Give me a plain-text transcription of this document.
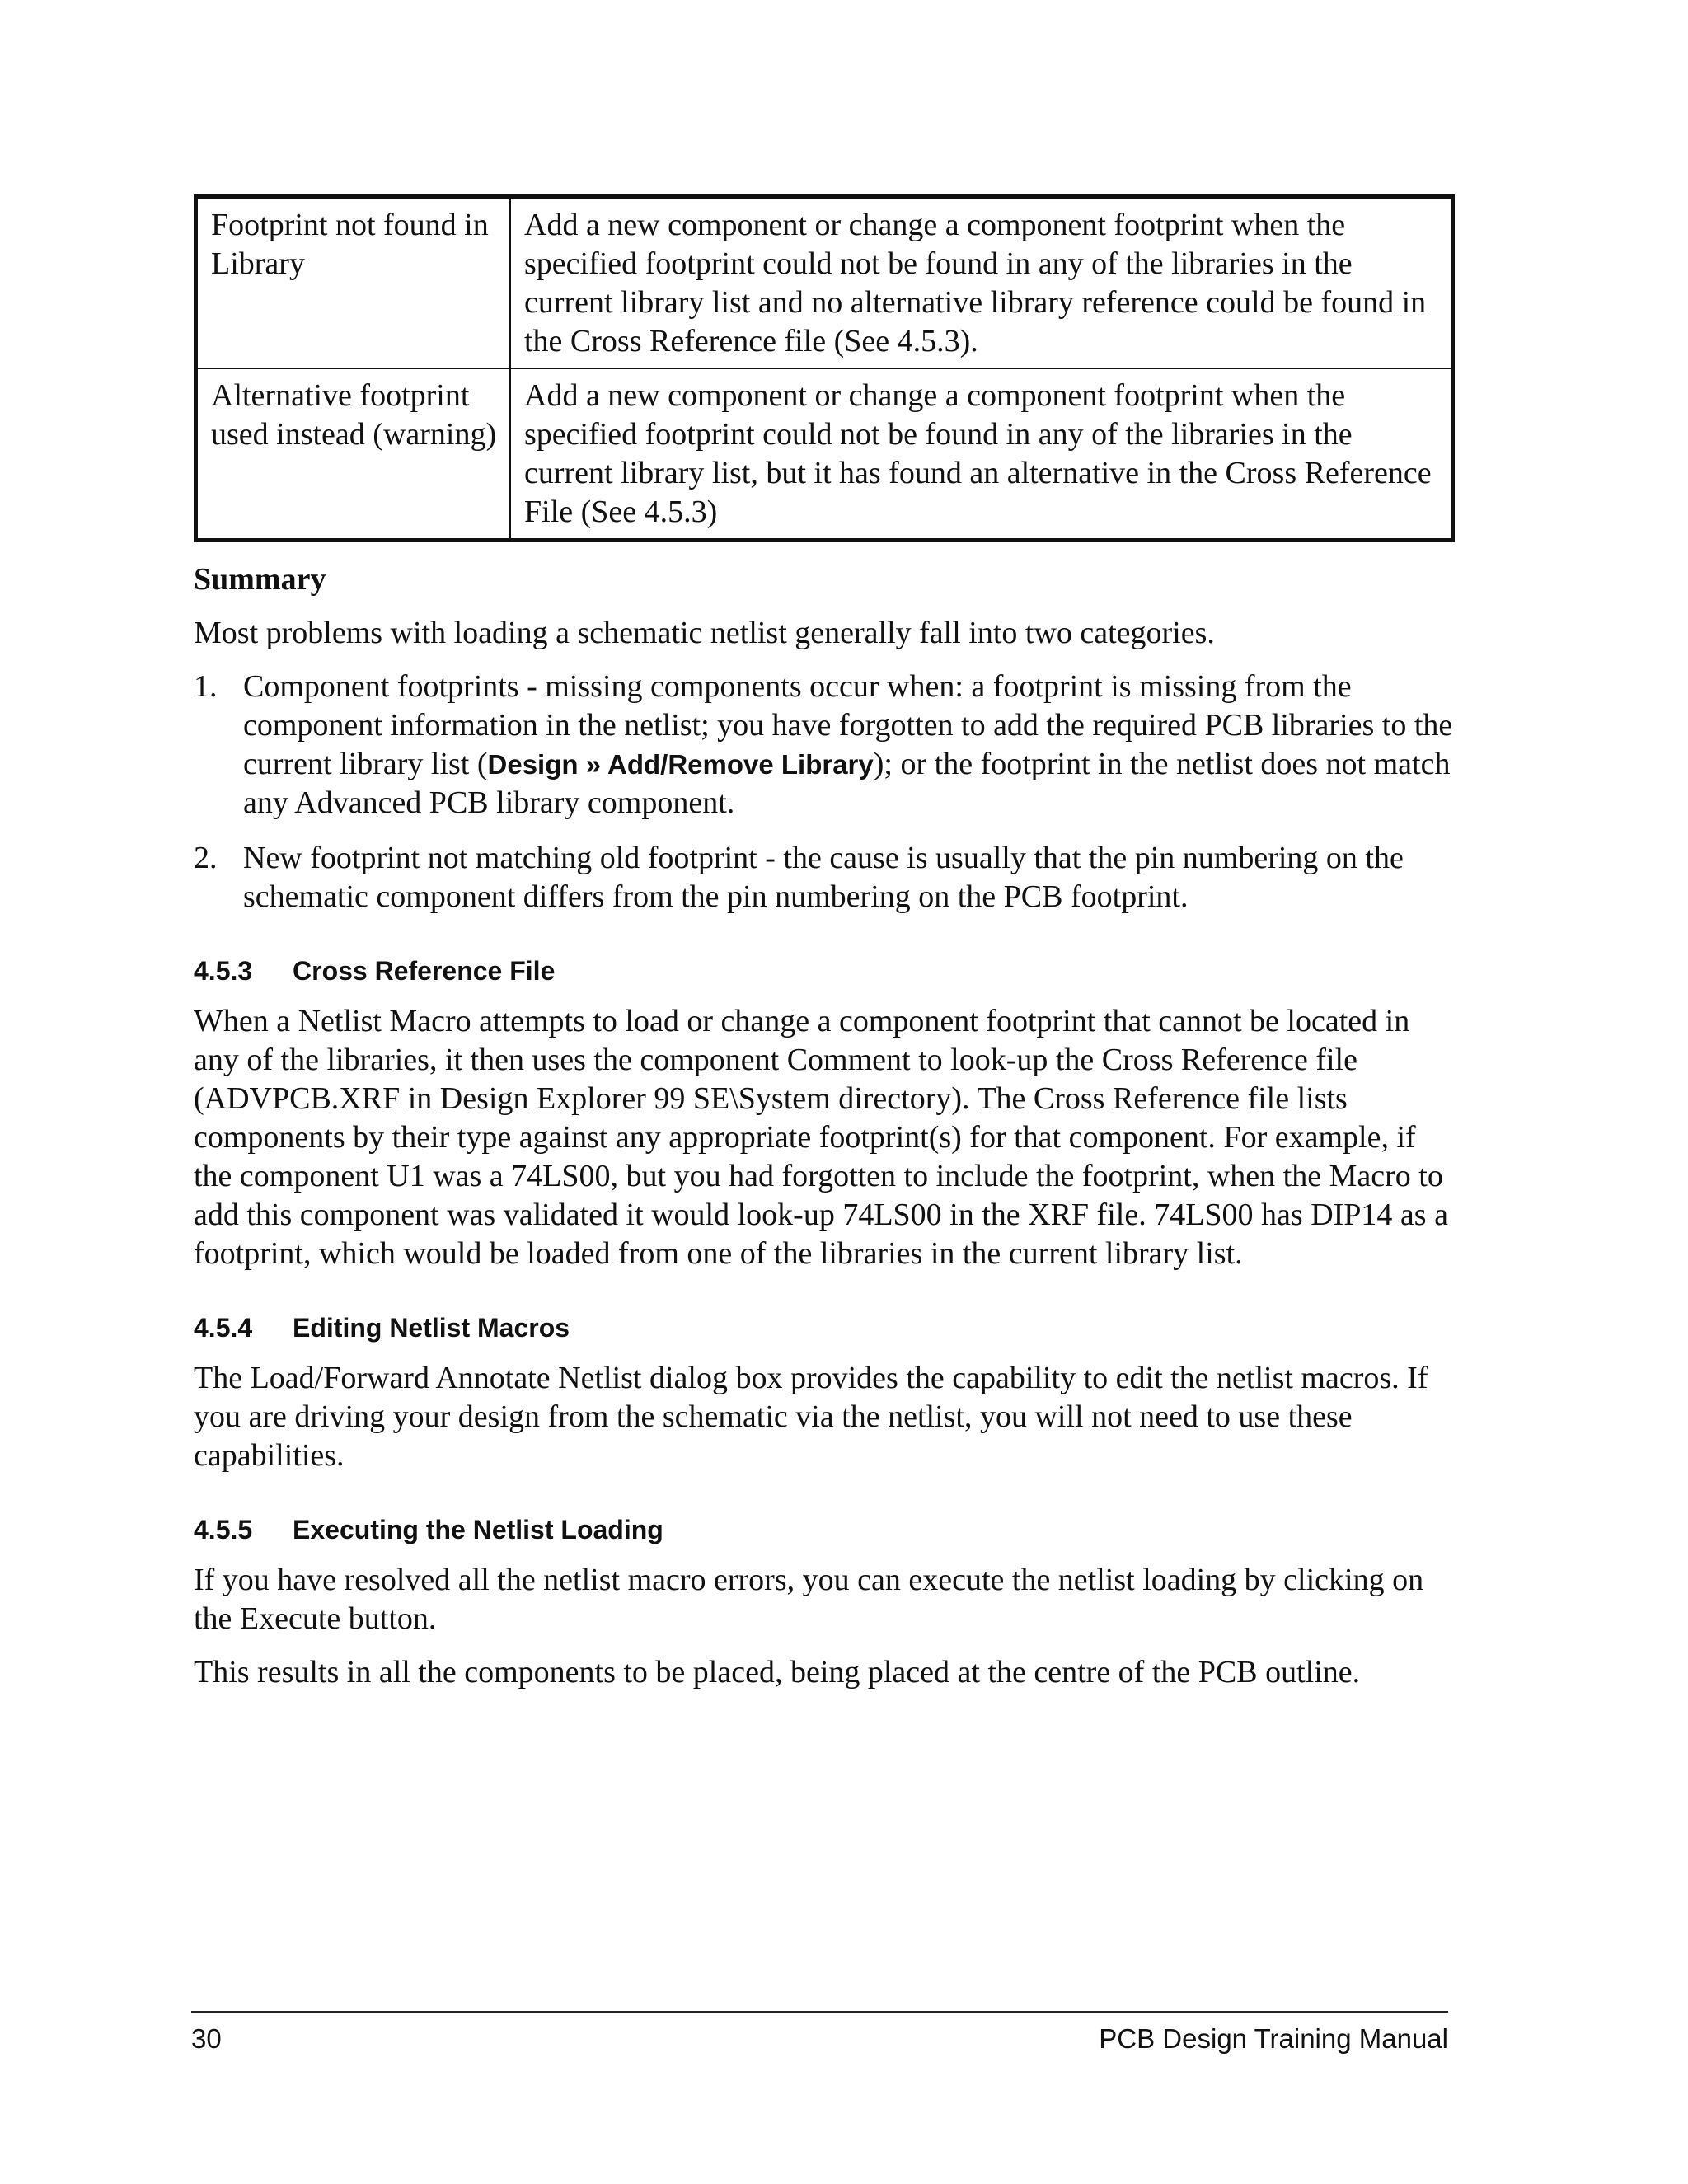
Footprint not found in Library	Add a new component or change a component footprint when the specified footprint could not be found in any of the libraries in the current library list and no alternative library reference could be found in the Cross Reference file (See 4.5.3).
Alternative footprint used instead (warning)	Add a new component or change a component footprint when the specified footprint could not be found in any of the libraries in the current library list, but it has found an alternative in the Cross Reference File (See 4.5.3)
Summary

Most problems with loading a schematic netlist generally fall into two categories.

1. Component footprints - missing components occur when: a footprint is missing from the component information in the netlist; you have forgotten to add the required PCB libraries to the current library list (Design » Add/Remove Library); or the footprint in the netlist does not match any Advanced PCB library component.
2. New footprint not matching old footprint - the cause is usually that the pin numbering on the schematic component differs from the pin numbering on the PCB footprint.
4.5.3 Cross Reference File

When a Netlist Macro attempts to load or change a component footprint that cannot be located in any of the libraries, it then uses the component Comment to look-up the Cross Reference file (ADVPCB.XRF in Design Explorer 99 SE\System directory). The Cross Reference file lists components by their type against any appropriate footprint(s) for that component. For example, if the component U1 was a 74LS00, but you had forgotten to include the footprint, when the Macro to add this component was validated it would look-up 74LS00 in the XRF file. 74LS00 has DIP14 as a footprint, which would be loaded from one of the libraries in the current library list.

4.5.4 Editing Netlist Macros

The Load/Forward Annotate Netlist dialog box provides the capability to edit the netlist macros. If you are driving your design from the schematic via the netlist, you will not need to use these capabilities.

4.5.5 Executing the Netlist Loading

If you have resolved all the netlist macro errors, you can execute the netlist loading by clicking on the Execute button.

This results in all the components to be placed, being placed at the centre of the PCB outline.

30	PCB Design Training Manual
